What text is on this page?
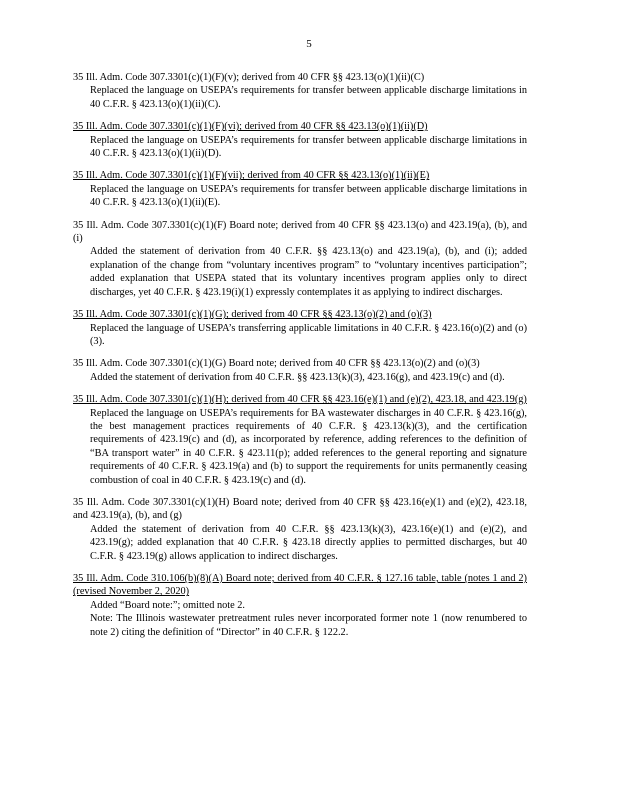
5
35 Ill. Adm. Code 307.3301(c)(1)(F)(v); derived from 40 CFR §§ 423.13(o)(1)(ii)(C)
Replaced the language on USEPA’s requirements for transfer between applicable discharge limitations in 40 C.F.R. § 423.13(o)(1)(ii)(C).
35 Ill. Adm. Code 307.3301(c)(1)(F)(vi); derived from 40 CFR §§ 423.13(o)(1)(ii)(D)
Replaced the language on USEPA’s requirements for transfer between applicable discharge limitations in 40 C.F.R. § 423.13(o)(1)(ii)(D).
35 Ill. Adm. Code 307.3301(c)(1)(F)(vii); derived from 40 CFR §§ 423.13(o)(1)(ii)(E)
Replaced the language on USEPA’s requirements for transfer between applicable discharge limitations in 40 C.F.R. § 423.13(o)(1)(ii)(E).
35 Ill. Adm. Code 307.3301(c)(1)(F) Board note; derived from 40 CFR §§ 423.13(o) and 423.19(a), (b), and (i)
Added the statement of derivation from 40 C.F.R. §§ 423.13(o) and 423.19(a), (b), and (i); added explanation of the change from “voluntary incentives program” to “voluntary incentives participation”; added explanation that USEPA stated that its voluntary incentives program applies only to direct discharges, yet 40 C.F.R. § 423.19(i)(1) expressly contemplates it as applying to indirect discharges.
35 Ill. Adm. Code 307.3301(c)(1)(G); derived from 40 CFR §§ 423.13(o)(2) and (o)(3)
Replaced the language of USEPA’s transferring applicable limitations in 40 C.F.R. § 423.16(o)(2) and (o)(3).
35 Ill. Adm. Code 307.3301(c)(1)(G) Board note; derived from 40 CFR §§ 423.13(o)(2) and (o)(3)
Added the statement of derivation from 40 C.F.R. §§ 423.13(k)(3), 423.16(g), and 423.19(c) and (d).
35 Ill. Adm. Code 307.3301(c)(1)(H); derived from 40 CFR §§ 423.16(e)(1) and (e)(2), 423.18, and 423.19(g)
Replaced the language on USEPA’s requirements for BA wastewater discharges in 40 C.F.R. § 423.16(g), the best management practices requirements of 40 C.F.R. § 423.13(k)(3), and the certification requirements of 423.19(c) and (d), as incorporated by reference, adding references to the definition of “BA transport water” in 40 C.F.R. § 423.11(p); added references to the general reporting and signature requirements of 40 C.F.R. § 423.19(a) and (b) to support the requirements for units permanently ceasing combustion of coal in 40 C.F.R. § 423.19(c) and (d).
35 Ill. Adm. Code 307.3301(c)(1)(H) Board note; derived from 40 CFR §§ 423.16(e)(1) and (e)(2), 423.18, and 423.19(a), (b), and (g)
Added the statement of derivation from 40 C.F.R. §§ 423.13(k)(3), 423.16(e)(1) and (e)(2), and 423.19(g); added explanation that 40 C.F.R. § 423.18 directly applies to permitted discharges, but 40 C.F.R. § 423.19(g) allows application to indirect discharges.
35 Ill. Adm. Code 310.106(b)(8)(A) Board note; derived from 40 C.F.R. § 127.16 table, table (notes 1 and 2) (revised November 2, 2020)
Added “Board note:”; omitted note 2.
Note: The Illinois wastewater pretreatment rules never incorporated former note 1 (now renumbered to note 2) citing the definition of “Director” in 40 C.F.R. § 122.2.
